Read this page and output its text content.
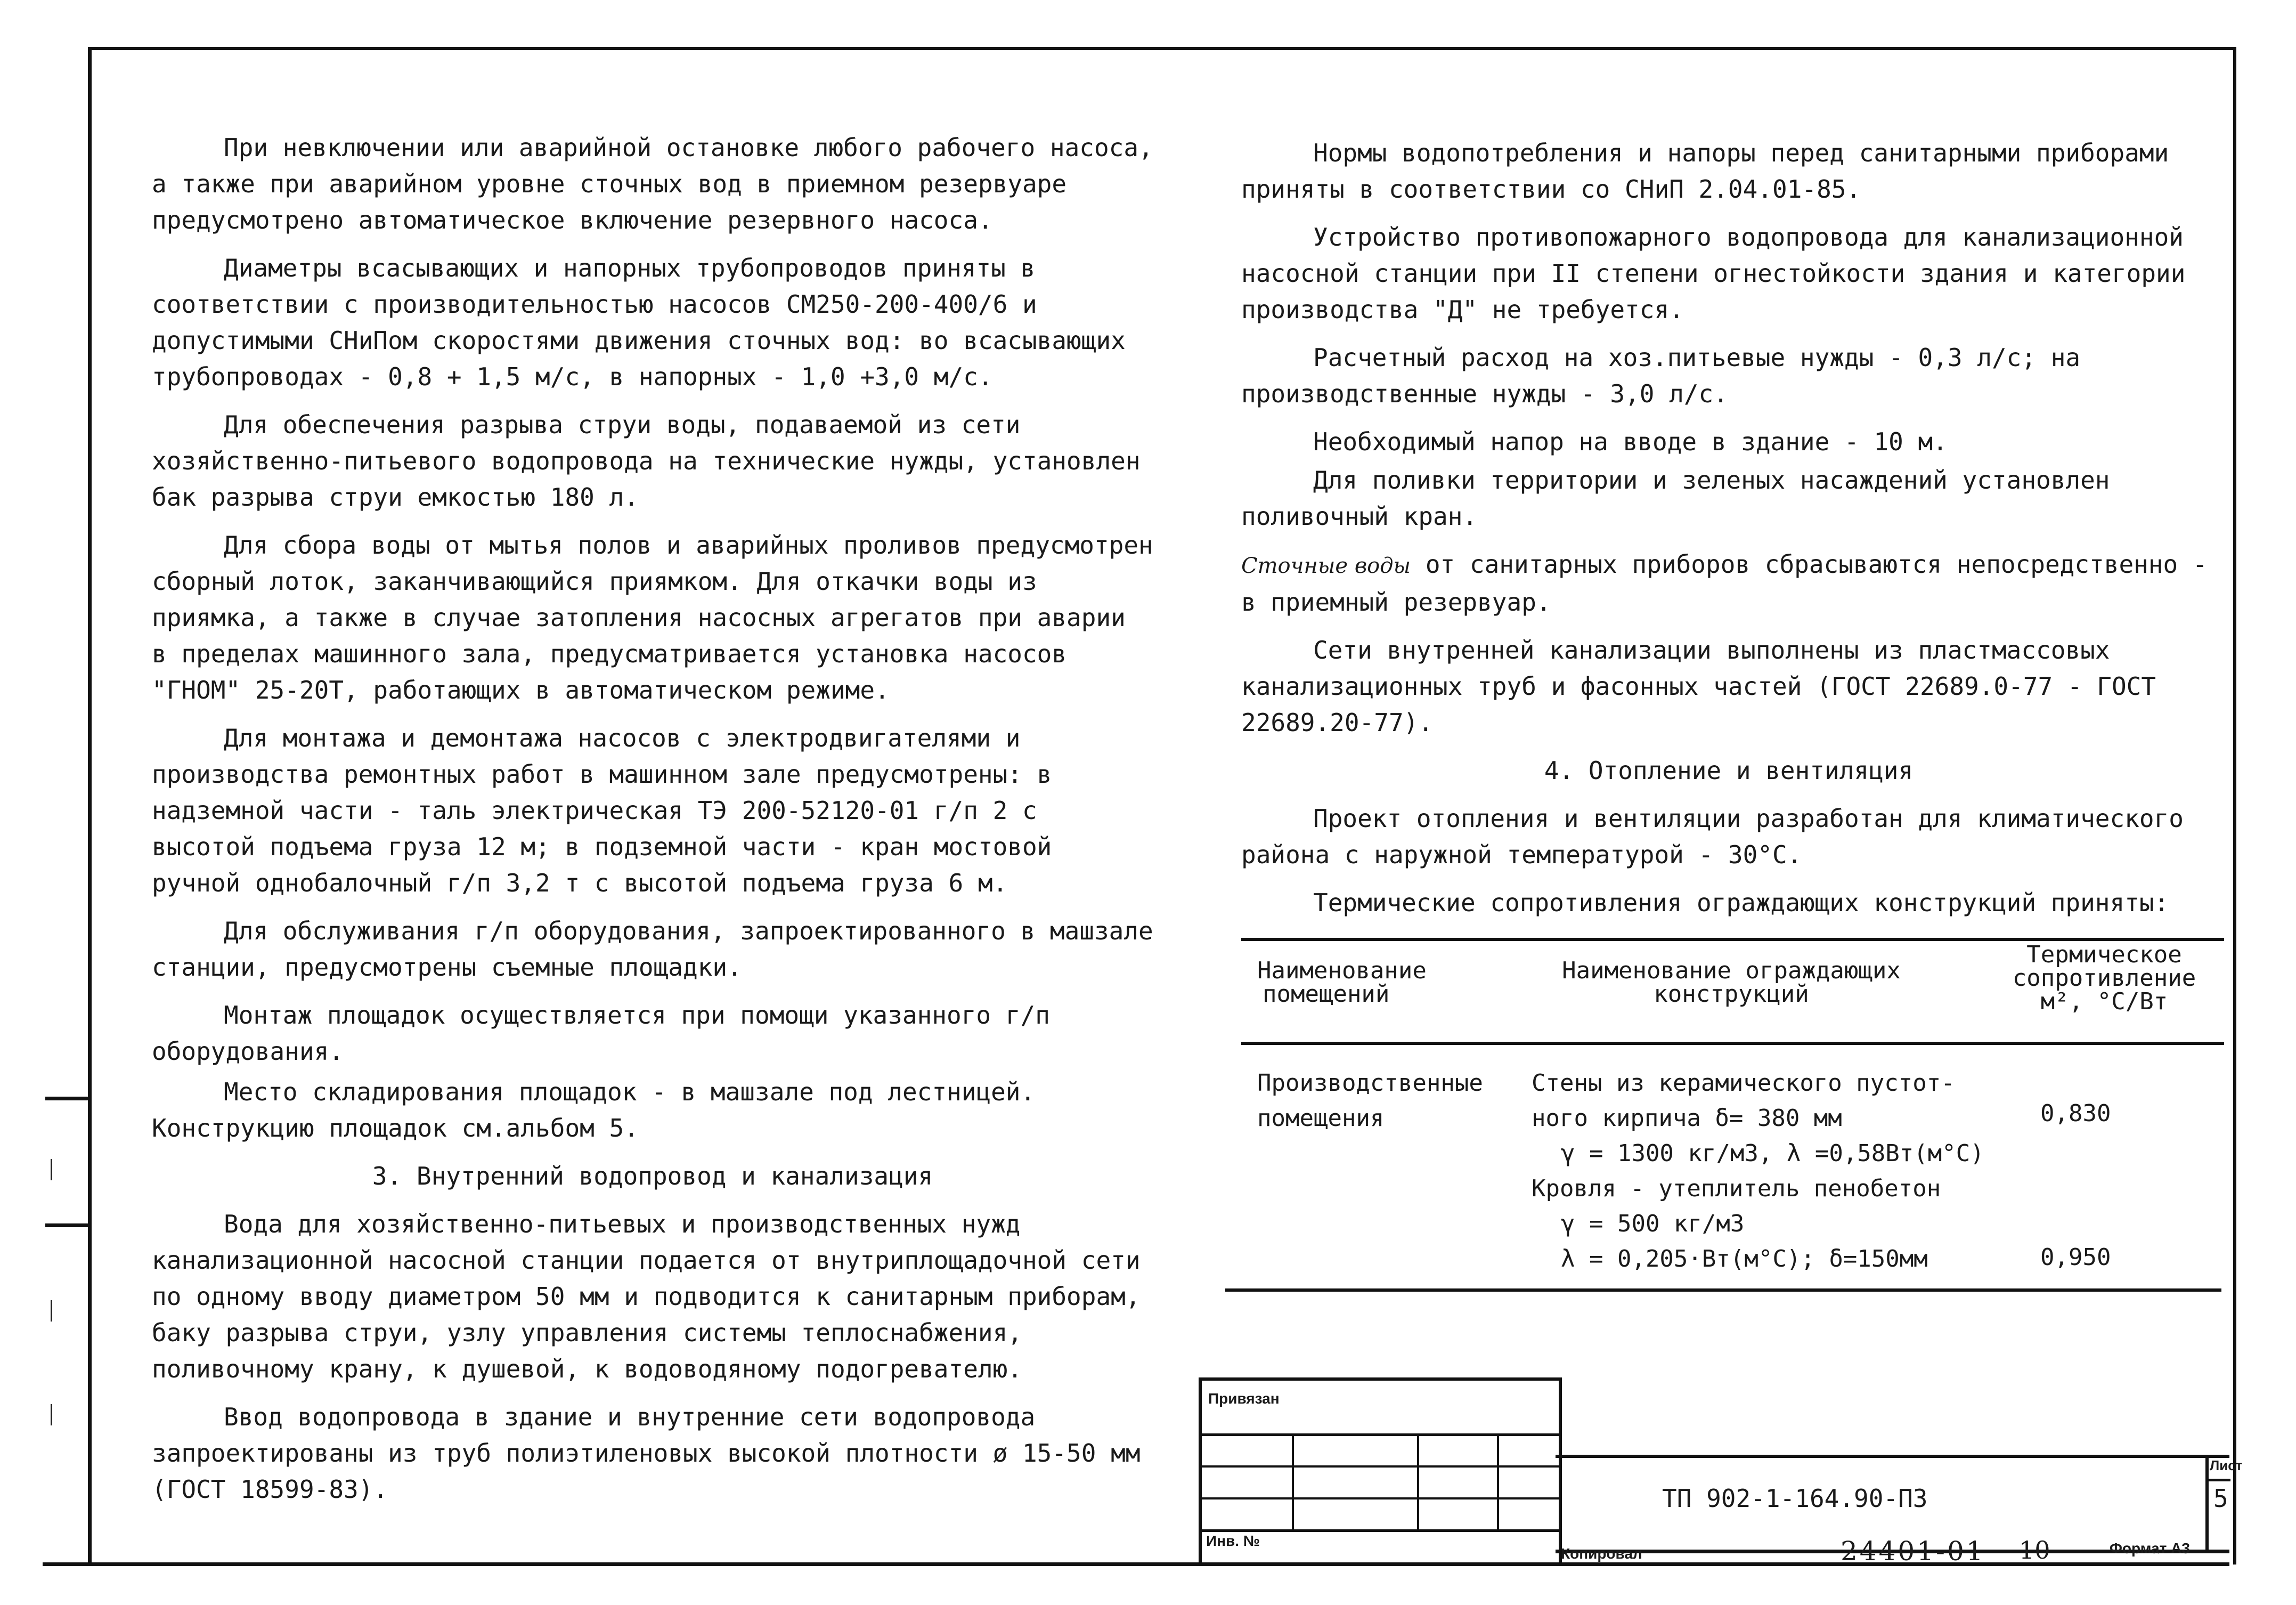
При невключении или аварийной остановке любого рабочего насоса, а также при аварийном уровне сточных вод в приемном резервуаре предусмотрено автоматическое включение резервного насоса.

Диаметры всасывающих и напорных трубопроводов приняты в соответствии с производительностью насосов СМ250-200-400/6 и допустимыми СНиПом скоростями движения сточных вод: во всасывающих трубопроводах - 0,8 + 1,5 м/с, в напорных - 1,0 +3,0 м/с.

Для обеспечения разрыва струи воды, подаваемой из сети хозяйственно-питьевого водопровода на технические нужды, установлен бак разрыва струи емкостью 180 л.

Для сбора воды от мытья полов и аварийных проливов предусмотрен сборный лоток, заканчивающийся приямком. Для откачки воды из приямка, а также в случае затопления насосных агрегатов при аварии в пределах машинного зала, предусматривается установка насосов "ГНОМ" 25-20Т, работающих в автоматическом режиме.

Для монтажа и демонтажа насосов с электродвигателями и производства ремонтных работ в машинном зале предусмотрены: в надземной части - таль электрическая ТЭ 200-52120-01 г/п 2 с высотой подъема груза 12 м; в подземной части - кран мостовой ручной однобалочный г/п 3,2 т с высотой подъема груза 6 м.

Для обслуживания г/п оборудования, запроектированного в машзале станции, предусмотрены съемные площадки.

Монтаж площадок осуществляется при помощи указанного г/п оборудования.

Место складирования площадок - в машзале под лестницей. Конструкцию площадок см.альбом 5.

3. Внутренний водопровод и канализация

Вода для хозяйственно-питьевых и производственных нужд канализационной насосной станции подается от внутриплощадочной сети по одному вводу диаметром 50 мм и подводится к санитарным приборам, баку разрыва струи, узлу управления системы теплоснабжения, поливочному крану, к душевой, к водоводяному подогревателю.

Ввод водопровода в здание и внутренние сети водопровода запроектированы из труб полиэтиленовых высокой плотности ø 15-50 мм (ГОСТ 18599-83).

Нормы водопотребления и напоры перед санитарными приборами приняты в соответствии со СНиП 2.04.01-85.

Устройство противопожарного водопровода для канализационной насосной станции при II степени огнестойкости здания и категории производства "Д" не требуется.

Расчетный расход на хоз.питьевые нужды - 0,3 л/с; на производственные нужды - 3,0 л/с.

Необходимый напор на вводе в здание - 10 м.

Для поливки территории и зеленых насаждений установлен поливочный кран.

Сточные воды от санитарных приборов сбрасываются непосредственно - в приемный резервуар.

Сети внутренней канализации выполнены из пластмассовых канализационных труб и фасонных частей (ГОСТ 22689.0-77 - ГОСТ 22689.20-77).

4. Отопление и вентиляция

Проект отопления и вентиляции разработан для климатического района с наружной температурой - 30°С.

Термические сопротивления ограждающих конструкций приняты:

Наименование
помещений
Наименование ограждающих
конструкций
Термическое
сопротивление
м², °С/Вт
Производственные
помещения
Стены из керамического пустот-
ного кирпича δ= 380 мм
γ = 1300 кг/м3, λ =0,58Вт(м°С)
Кровля - утеплитель пенобетон
γ = 500 кг/м3
λ = 0,205·Вт(м°С); δ=150мм
0,830
0,950
Привязан
Инв. №
ТП 902-1-164.90-ПЗ
Лист
5
Копировал	24401-01 10	Формат А3
